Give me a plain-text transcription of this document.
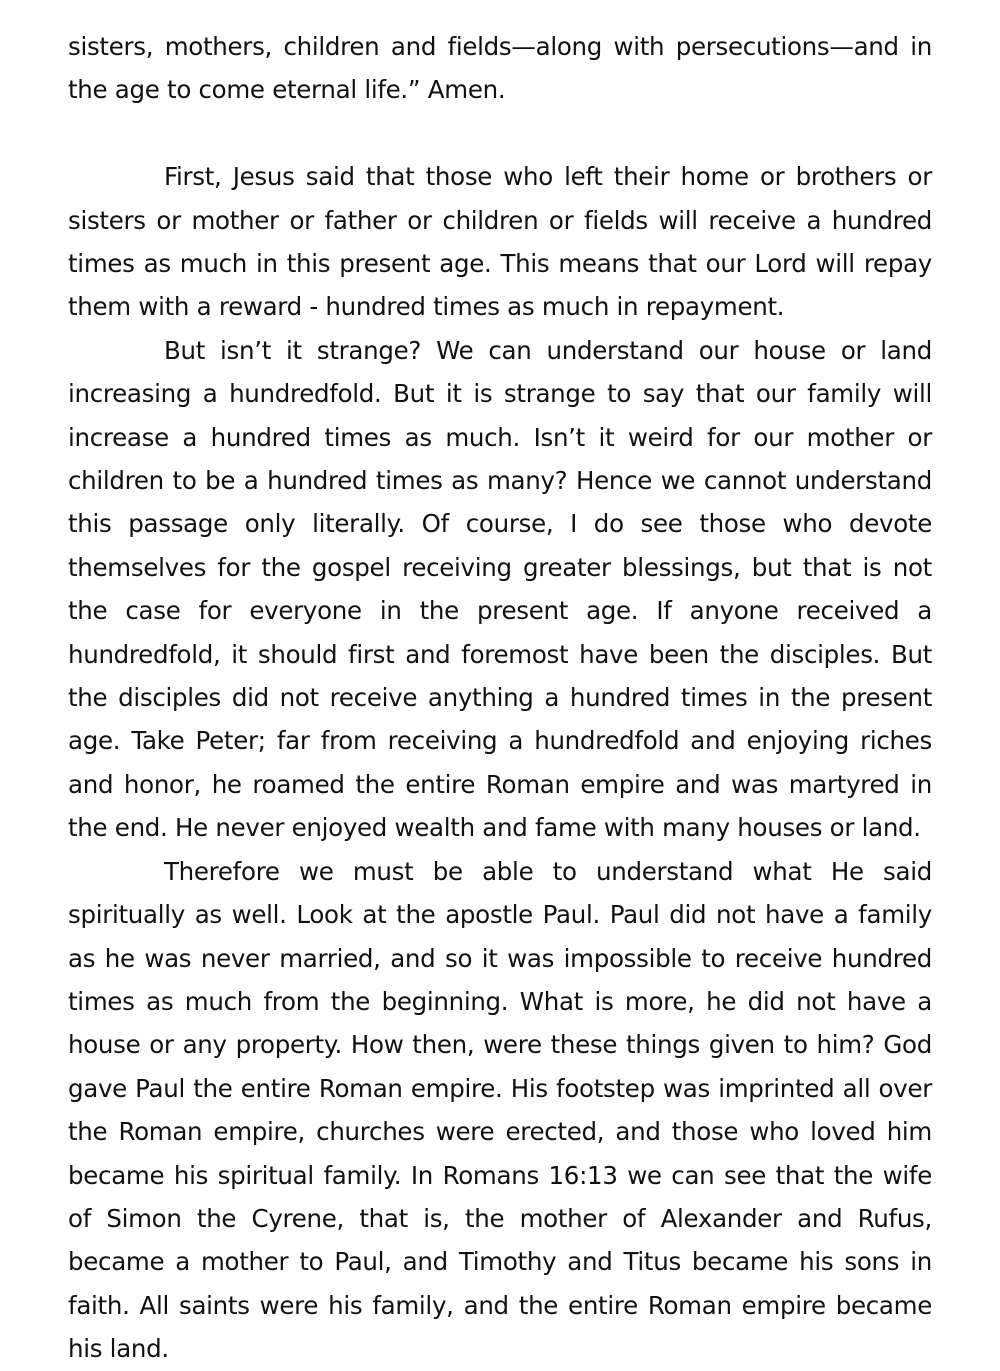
sisters, mothers, children and fields—along with persecutions—and in the age to come eternal life.” Amen.

First, Jesus said that those who left their home or brothers or sisters or mother or father or children or fields will receive a hundred times as much in this present age. This means that our Lord will repay them with a reward - hundred times as much in repayment.

But isn’t it strange? We can understand our house or land increasing a hundredfold. But it is strange to say that our family will increase a hundred times as much. Isn’t it weird for our mother or children to be a hundred times as many? Hence we cannot understand this passage only literally. Of course, I do see those who devote themselves for the gospel receiving greater blessings, but that is not the case for everyone in the present age. If anyone received a hundredfold, it should first and foremost have been the disciples. But the disciples did not receive anything a hundred times in the present age. Take Peter; far from receiving a hundredfold and enjoying riches and honor, he roamed the entire Roman empire and was martyred in the end. He never enjoyed wealth and fame with many houses or land.

Therefore we must be able to understand what He said spiritually as well. Look at the apostle Paul. Paul did not have a family as he was never married, and so it was impossible to receive hundred times as much from the beginning. What is more, he did not have a house or any property. How then, were these things given to him? God gave Paul the entire Roman empire. His footstep was imprinted all over the Roman empire, churches were erected, and those who loved him became his spiritual family. In Romans 16:13 we can see that the wife of Simon the Cyrene, that is, the mother of Alexander and Rufus, became a mother to Paul, and Timothy and Titus became his sons in faith. All saints were his family, and the entire Roman empire became his land.
